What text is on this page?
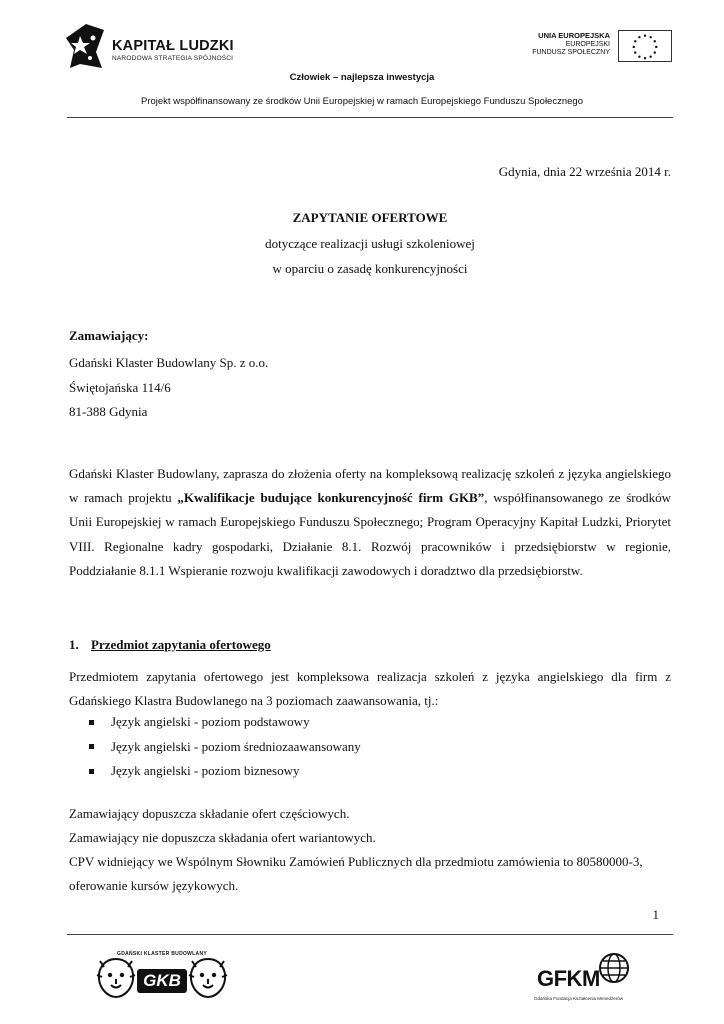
KAPITAŁ LUDZKI
NARODOWA STRATEGIA SPÓJNOŚCI
UNIA EUROPEJSKA
EUROPEJSKI
FUNDUSZ SPOŁECZNY
Człowiek – najlepsza inwestycja
Projekt współfinansowany ze środków Unii Europejskiej w ramach Europejskiego Funduszu Społecznego
Gdynia, dnia 22 września 2014 r.
ZAPYTANIE OFERTOWE
dotyczące realizacji usługi szkoleniowej
w oparciu o zasadę konkurencyjności
Zamawiający:
Gdański Klaster Budowlany Sp. z o.o.
Świętojańska 114/6
81-388 Gdynia
Gdański Klaster Budowlany, zaprasza do złożenia oferty na kompleksową realizację szkoleń z języka angielskiego w ramach projektu „Kwalifikacje budujące konkurencyjność firm GKB”, współfinansowanego ze środków Unii Europejskiej w ramach Europejskiego Funduszu Społecznego; Program Operacyjny Kapitał Ludzki, Priorytet VIII. Regionalne kadry gospodarki, Działanie 8.1. Rozwój pracowników i przedsiębiorstw w regionie, Poddziałanie 8.1.1 Wspieranie rozwoju kwalifikacji zawodowych i doradztwo dla przedsiębiorstw.
1. Przedmiot zapytania ofertowego
Przedmiotem zapytania ofertowego jest kompleksowa realizacja szkoleń z języka angielskiego dla firm z Gdańskiego Klastra Budowlanego na 3 poziomach zaawansowania, tj.:
Język angielski - poziom podstawowy
Język angielski - poziom średniozaawansowany
Język angielski - poziom biznesowy
Zamawiający dopuszcza składanie ofert częściowych.
Zamawiający nie dopuszcza składania ofert wariantowych.
CPV widniejący we Wspólnym Słowniku Zamówień Publicznych dla przedmiotu zamówienia to 80580000-3,
oferowanie kursów językowych.
1
GDAŃSKI KLASTER BUDOWLANY
GKB	GFKM
Gdańska Fundacja Kształcenia Menedżerów
